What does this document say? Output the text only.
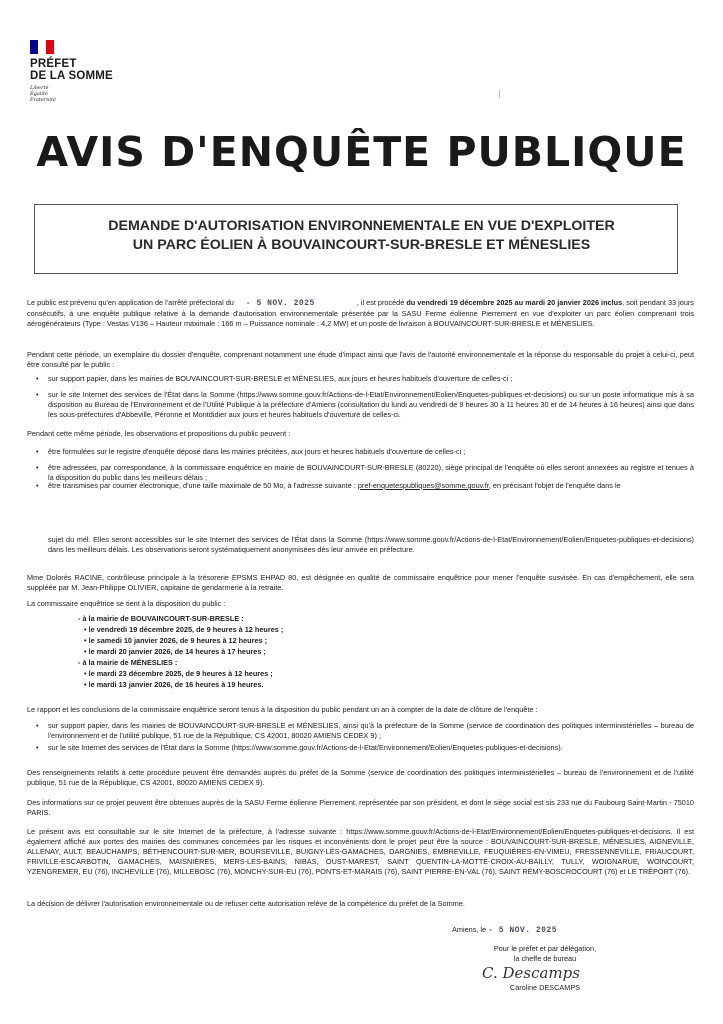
PRÉFET
DE LA SOMME
Liberté
Égalité
Fraternité
AVIS D'ENQUÊTE PUBLIQUE
DEMANDE D'AUTORISATION ENVIRONNEMENTALE EN VUE D'EXPLOITER
UN PARC ÉOLIEN À BOUVAINCOURT-SUR-BRESLE ET MÉNESLIES
Le public est prévenu qu'en application de l'arrêté préfectoral du - 5 NOV. 2025	, il est procédé du vendredi 19 décembre 2025 au mardi 20 janvier 2026 inclus, soit pendant 33 jours consécutifs, à une enquête publique relative à la demande d'autorisation environnementale présentée par la SASU Ferme éolienne Pierrement en vue d'exploiter un parc éolien comprenant trois aérogénérateurs (Type : Vestas V136 – Hauteur maximale : 166 m – Puissance nominale : 4,2 MW) et un poste de livraison à BOUVAINCOURT-SUR-BRESLE et MÉNESLIES.
Pendant cette période, un exemplaire du dossier d'enquête, comprenant notamment une étude d'impact ainsi que l'avis de l'autorité environnementale et la réponse du responsable du projet à celui-ci, peut être consulté par le public :
• sur support papier, dans les mairies de BOUVAINCOURT-SUR-BRESLE et MÉNESLIES, aux jours et heures habituels d'ouverture de celles-ci ;
• sur le site Internet des services de l'État dans la Somme (https://www.somme.gouv.fr/Actions-de-l-Etat/Environnement/Eolien/Enquetes-publiques-et-decisions) ou sur un poste informatique mis à sa disposition au Bureau de l'Environnement et de l'Utilité Publique à la préfecture d'Amiens (consultation du lundi au vendredi de 9 heures 30 à 11 heures 30 et de 14 heures à 16 heures) ainsi que dans les sous-préfectures d'Abbeville, Péronne et Montdidier aux jours et heures habituels d'ouverture de celles-ci.
Pendant cette même période, les observations et propositions du public peuvent :
• être formulées sur le registre d'enquête déposé dans les mairies précitées, aux jours et heures habituels d'ouverture de celles-ci ;
• être adressées, par correspondance, à la commissaire enquêtrice en mairie de BOUVAINCOURT-SUR-BRESLE (80220), siège principal de l'enquête où elles seront annexées au registre et tenues à la disposition du public dans les meilleurs délais ;
• être transmises par courrier électronique, d'une taille maximale de 50 Mo, à l'adresse suivante : pref-enquetespubliques@somme.gouv.fr, en précisant l'objet de l'enquête dans le
sujet du mél. Elles seront accessibles sur le site Internet des services de l'État dans la Somme (https://www.somme.gouv.fr/Actions-de-l-Etat/Environnement/Eolien/Enquetes-publiques-et-decisions) dans les meilleurs délais. Les observations seront systématiquement anonymisées dès leur arrivée en préfecture.
Mme Dolorès RACINE, contrôleuse principale à la trésorerie EPSMS EHPAD 80, est désignée en qualité de commissaire enquêtrice pour mener l'enquête susvisée. En cas d'empêchement, elle sera suppléée par M. Jean-Philippe OLIVIER, capitaine de gendarmerie à la retraite.
La commissaire enquêtrice se tient à la disposition du public :
- à la mairie de BOUVAINCOURT-SUR-BRESLE :
• le vendredi 19 décembre 2025, de 9 heures à 12 heures ;
• le samedi 10 janvier 2026, de 9 heures à 12 heures ;
• le mardi 20 janvier 2026, de 14 heures à 17 heures ;
- à la mairie de MÉNESLIES :
• le mardi 23 décembre 2025, de 9 heures à 12 heures ;
• le mardi 13 janvier 2026, de 16 heures à 19 heures.
Le rapport et les conclusions de la commissaire enquêtrice seront tenus à la disposition du public pendant un an à compter de la date de clôture de l'enquête :
• sur support papier, dans les mairies de BOUVAINCOURT-SUR-BRESLE et MÉNESLIES, ainsi qu'à la préfecture de la Somme (service de coordination des politiques interministérielles – bureau de l'environnement et de l'utilité publique, 51 rue de la République, CS 42001, 80020 AMIENS CEDEX 9) ;
• sur le site Internet des services de l'État dans la Somme (https://www.somme.gouv.fr/Actions-de-l-Etat/Environnement/Eolien/Enquetes-publiques-et-decisions).
Des renseignements relatifs à cette procédure peuvent être demandés auprès du préfet de la Somme (service de coordination des politiques interministérielles – bureau de l'environnement et de l'utilité publique, 51 rue de la République, CS 42001, 80020 AMIENS CEDEX 9).
Des informations sur ce projet peuvent être obtenues auprès de la SASU Ferme éolienne Pierrement, représentée par son président, et dont le siège social est sis 233 rue du Faubourg Saint-Martin - 75010 PARIS.
Le présent avis est consultable sur le site Internet de la préfecture, à l'adresse suivante : https://www.somme.gouv.fr/Actions-de-l-Etat/Environnement/Eolien/Enquetes-publiques-et-decisions. Il est également affiché aux portes des mairies des communes concernées par les risques et inconvénients dont le projet peut être la source : BOUVAINCOURT-SUR-BRESLE, MÉNESLIES, AIGNEVILLE, ALLENAY, AULT, BEAUCHAMPS, BÉTHENCOURT-SUR-MER, BOURSEVILLE, BUIGNY-LÈS-GAMACHES, DARGNIES, EMBREVILLE, FEUQUIÈRES-EN-VIMEU, FRESSENNEVILLE, FRIAUCOURT, FRIVILLE-ESCARBOTIN, GAMACHES, MAISNIÈRES, MERS-LES-BAINS, NIBAS, OUST-MAREST, SAINT QUENTIN-LA-MOTTE-CROIX-AU-BAILLY, TULLY, WOIGNARUE, WOINCOURT, YZENGREMER, EU (76), INCHEVILLE (76), MILLEBOSC (76), MONCHY-SUR-EU (76), PONTS-ET-MARAIS (76), SAINT PIERRE-EN-VAL (76), SAINT RÉMY-BOSCROCOURT (76) et LE TRÉPORT (76).
La décision de délivrer l'autorisation environnementale ou de refuser cette autorisation relève de la compétence du préfet de la Somme.
Amiens, le - 5 NOV. 2025
Pour le préfet et par délégation,
la cheffe de bureau
C. Descamps
Caroline DESCAMPS
